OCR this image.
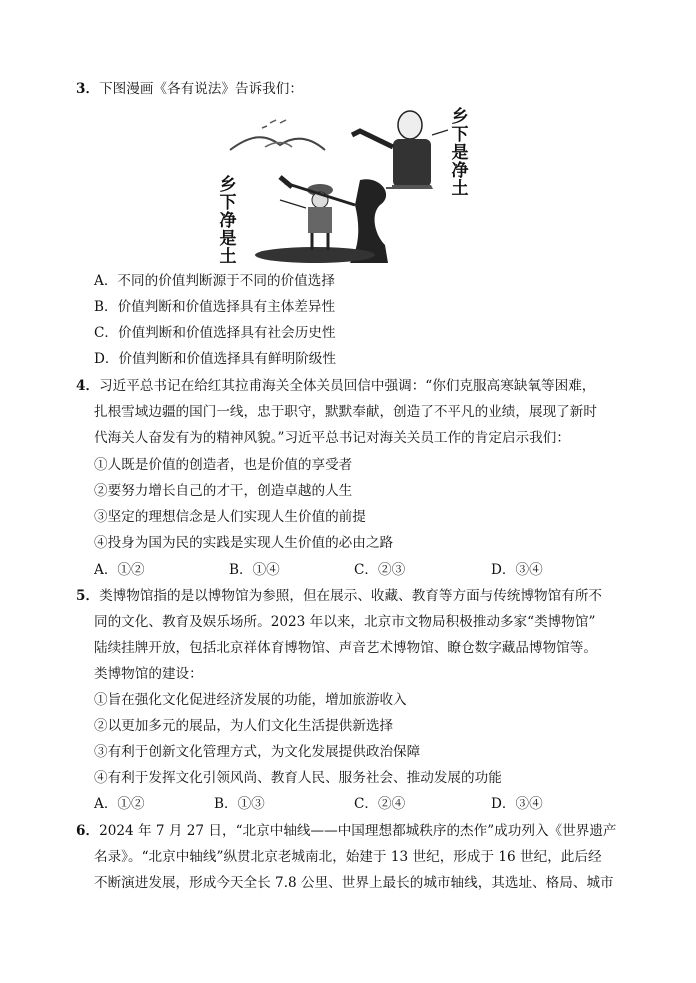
3．下图漫画《各有说法》告诉我们：
乡
下
是
净
土
乡
下
净
是
土
A．不同的价值判断源于不同的价值选择
B．价值判断和价值选择具有主体差异性
C．价值判断和价值选择具有社会历史性
D．价值判断和价值选择具有鲜明阶级性
4．习近平总书记在给红其拉甫海关全体关员回信中强调：“你们克服高寒缺氧等困难，
扎根雪域边疆的国门一线，忠于职守，默默奉献，创造了不平凡的业绩，展现了新时
代海关人奋发有为的精神风貌。”习近平总书记对海关关员工作的肯定启示我们：
①人既是价值的创造者，也是价值的享受者
②要努力增长自己的才干，创造卓越的人生
③坚定的理想信念是人们实现人生价值的前提
④投身为国为民的实践是实现人生价值的必由之路
A．①②	B．①④	C．②③	D．③④
5．类博物馆指的是以博物馆为参照，但在展示、收藏、教育等方面与传统博物馆有所不
同的文化、教育及娱乐场所。2023 年以来，北京市文物局积极推动多家“类博物馆”
陆续挂牌开放，包括北京祥体育博物馆、声音艺术博物馆、瞭仓数字藏品博物馆等。
类博物馆的建设：
①旨在强化文化促进经济发展的功能，增加旅游收入
②以更加多元的展品，为人们文化生活提供新选择
③有利于创新文化管理方式，为文化发展提供政治保障
④有利于发挥文化引领风尚、教育人民、服务社会、推动发展的功能
A．①②	B．①③	C．②④	D．③④
6．2024 年 7 月 27 日，“北京中轴线——中国理想都城秩序的杰作”成功列入《世界遗产
名录》。“北京中轴线”纵贯北京老城南北，始建于 13 世纪，形成于 16 世纪，此后经
不断演进发展，形成今天全长 7.8 公里、世界上最长的城市轴线，其选址、格局、城市
